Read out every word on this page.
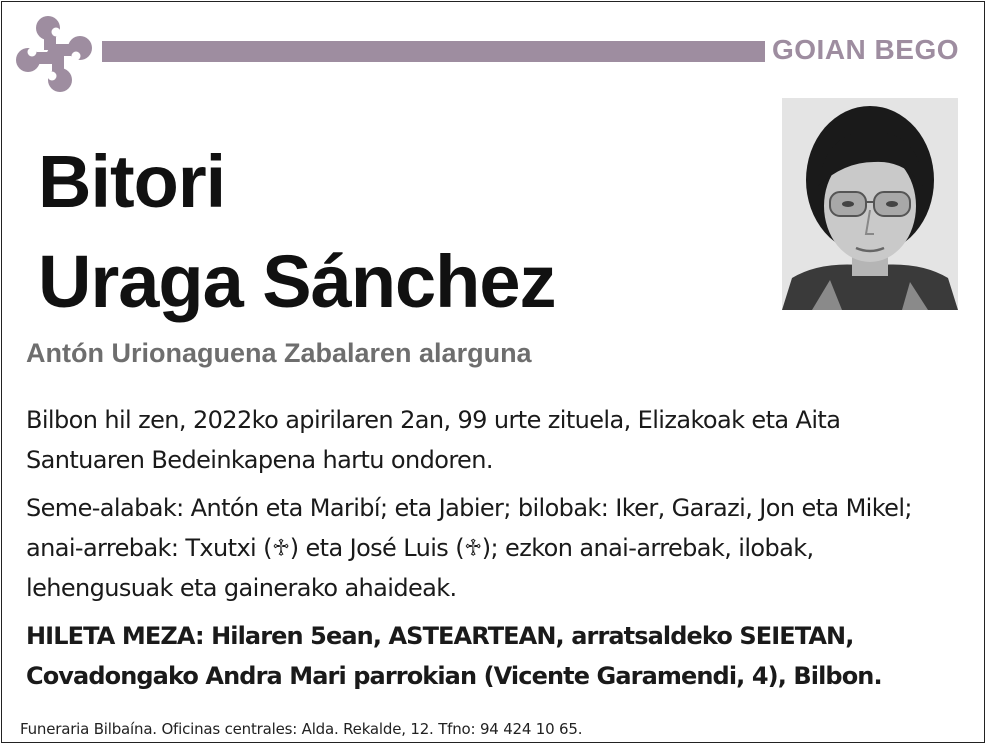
GOIAN BEGO
Bitori
Uraga Sánchez
Antón Urionaguena Zabalaren alarguna
Bilbon hil zen, 2022ko apirilaren 2an, 99 urte zituela, Elizakoak eta Aita Santuaren Bedeinkapena hartu ondoren.
Seme-alabak: Antón eta Maribí; eta Jabier; bilobak: Iker, Garazi, Jon eta Mikel; anai-arrebak: Txutxi (♱) eta José Luis (♱); ezkon anai-arrebak, ilobak, lehengusuak eta gainerako ahaideak.
HILETA MEZA: Hilaren 5ean, ASTEARTEAN, arratsaldeko SEIETAN, Covadongako Andra Mari parrokian (Vicente Garamendi, 4), Bilbon.
Funeraria Bilbaína. Oficinas centrales: Alda. Rekalde, 12. Tfno: 94 424 10 65.
